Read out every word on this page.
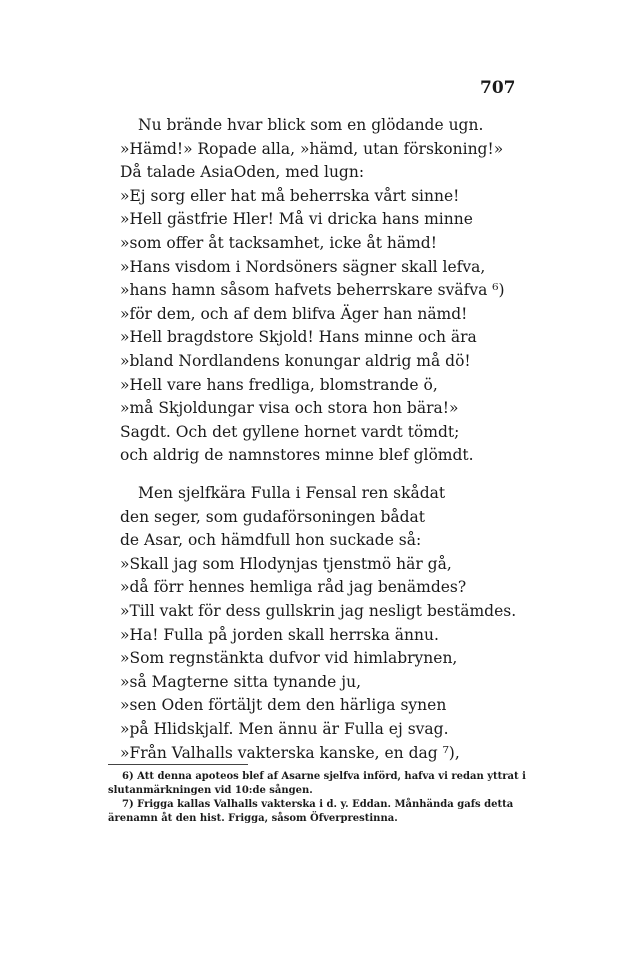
707
Nu brände hvar blick som en glödande ugn.
»Hämd!» Ropade alla, »hämd, utan förskoning!»
Då talade AsiaOden, med lugn:
»Ej sorg eller hat må beherrska vårt sinne!
»Hell gästfrie Hler! Må vi dricka hans minne
»som offer åt tacksamhet, icke åt hämd!
»Hans visdom i Nordsöners sägner skall lefva,
»hans hamn såsom hafvets beherrskare sväfva ⁶)
»för dem, och af dem blifva Äger han nämd!
»Hell bragdstore Skjold! Hans minne och ära
»bland Nordlandens konungar aldrig må dö!
»Hell vare hans fredliga, blomstrande ö,
»må Skjoldungar visa och stora hon bära!»
Sagdt. Och det gyllene hornet vardt tömdt;
och aldrig de namnstores minne blef glömdt.
Men sjelfkära Fulla i Fensal ren skådat
den seger, som gudaförsoningen bådat
de Asar, och hämdfull hon suckade så:
»Skall jag som Hlodynjas tjenstmö här gå,
»då förr hennes hemliga råd jag benämdes?
»Till vakt för dess gullskrin jag nesligt bestämdes.
»Ha! Fulla på jorden skall herrska ännu.
»Som regnstänkta dufvor vid himlabrynen,
»så Magterne sitta tynande ju,
»sen Oden förtäljt dem den härliga synen
»på Hlidskjalf. Men ännu är Fulla ej svag.
»Från Valhalls vakterska kanske, en dag ⁷),

6) Att denna apoteos blef af Asarne sjelfva införd, hafva vi redan yttrat i slutanmärkningen vid 10:de sången.

7) Frigga kallas Valhalls vakterska i d. y. Eddan. Månhända gafs detta ärenamn åt den hist. Frigga, såsom Öfverprestinna.
